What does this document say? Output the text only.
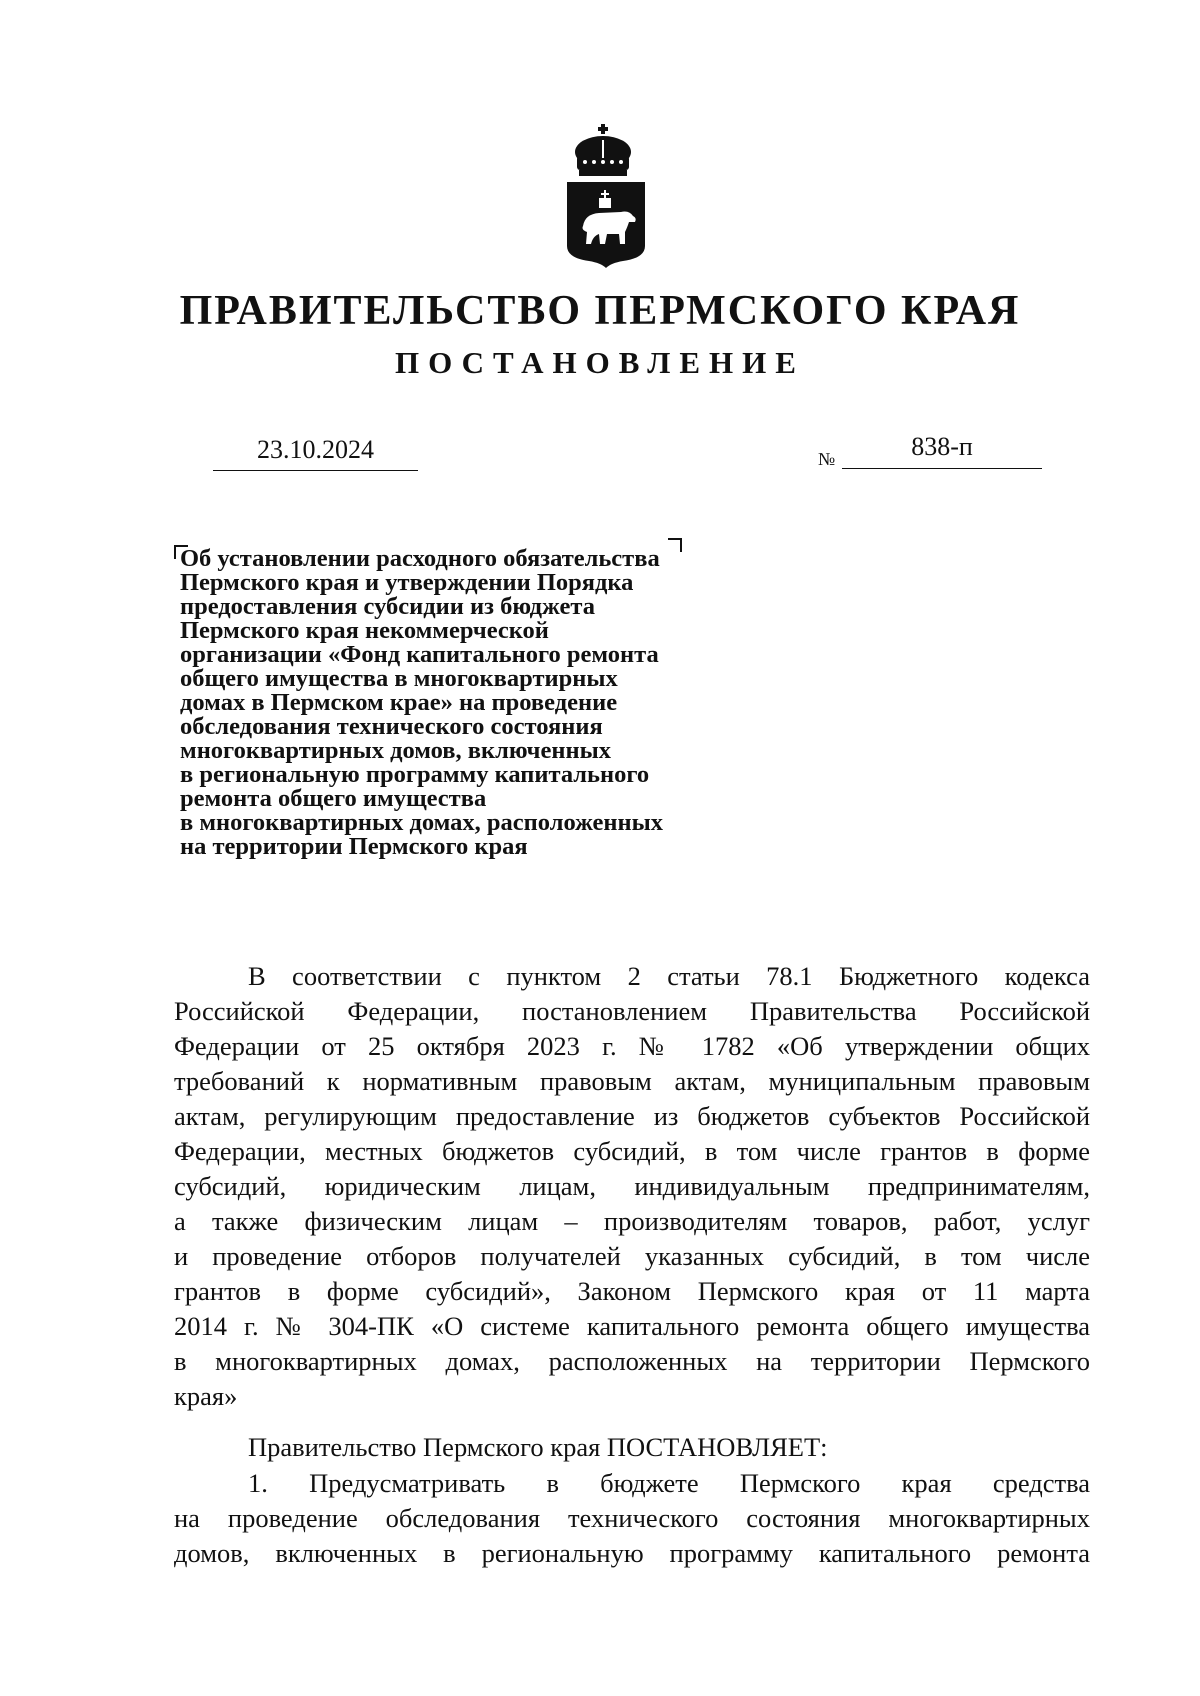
ПРАВИТЕЛЬСТВО ПЕРМСКОГО КРАЯ
ПОСТАНОВЛЕНИЕ
23.10.2024	№	838-п
Об установлении расходного обязательства
Пермского края и утверждении Порядка
предоставления субсидии из бюджета
Пермского края некоммерческой
организации «Фонд капитального ремонта
общего имущества в многоквартирных
домах в Пермском крае» на проведение
обследования технического состояния
многоквартирных домов, включенных
в региональную программу капитального
ремонта общего имущества
в многоквартирных домах, расположенных
на территории Пермского края
В соответствии с пунктом 2 статьи 78.1 Бюджетного кодекса
Российской Федерации, постановлением Правительства Российской
Федерации от 25 октября 2023 г. № 1782 «Об утверждении общих
требований к нормативным правовым актам, муниципальным правовым
актам, регулирующим предоставление из бюджетов субъектов Российской
Федерации, местных бюджетов субсидий, в том числе грантов в форме
субсидий, юридическим лицам, индивидуальным предпринимателям,
а также физическим лицам – производителям товаров, работ, услуг
и проведение отборов получателей указанных субсидий, в том числе
грантов в форме субсидий», Законом Пермского края от 11 марта
2014 г. № 304-ПК «О системе капитального ремонта общего имущества
в многоквартирных домах, расположенных на территории Пермского
края»
Правительство Пермского края ПОСТАНОВЛЯЕТ:
1. Предусматривать в бюджете Пермского края средства
на проведение обследования технического состояния многоквартирных
домов, включенных в региональную программу капитального ремонта
